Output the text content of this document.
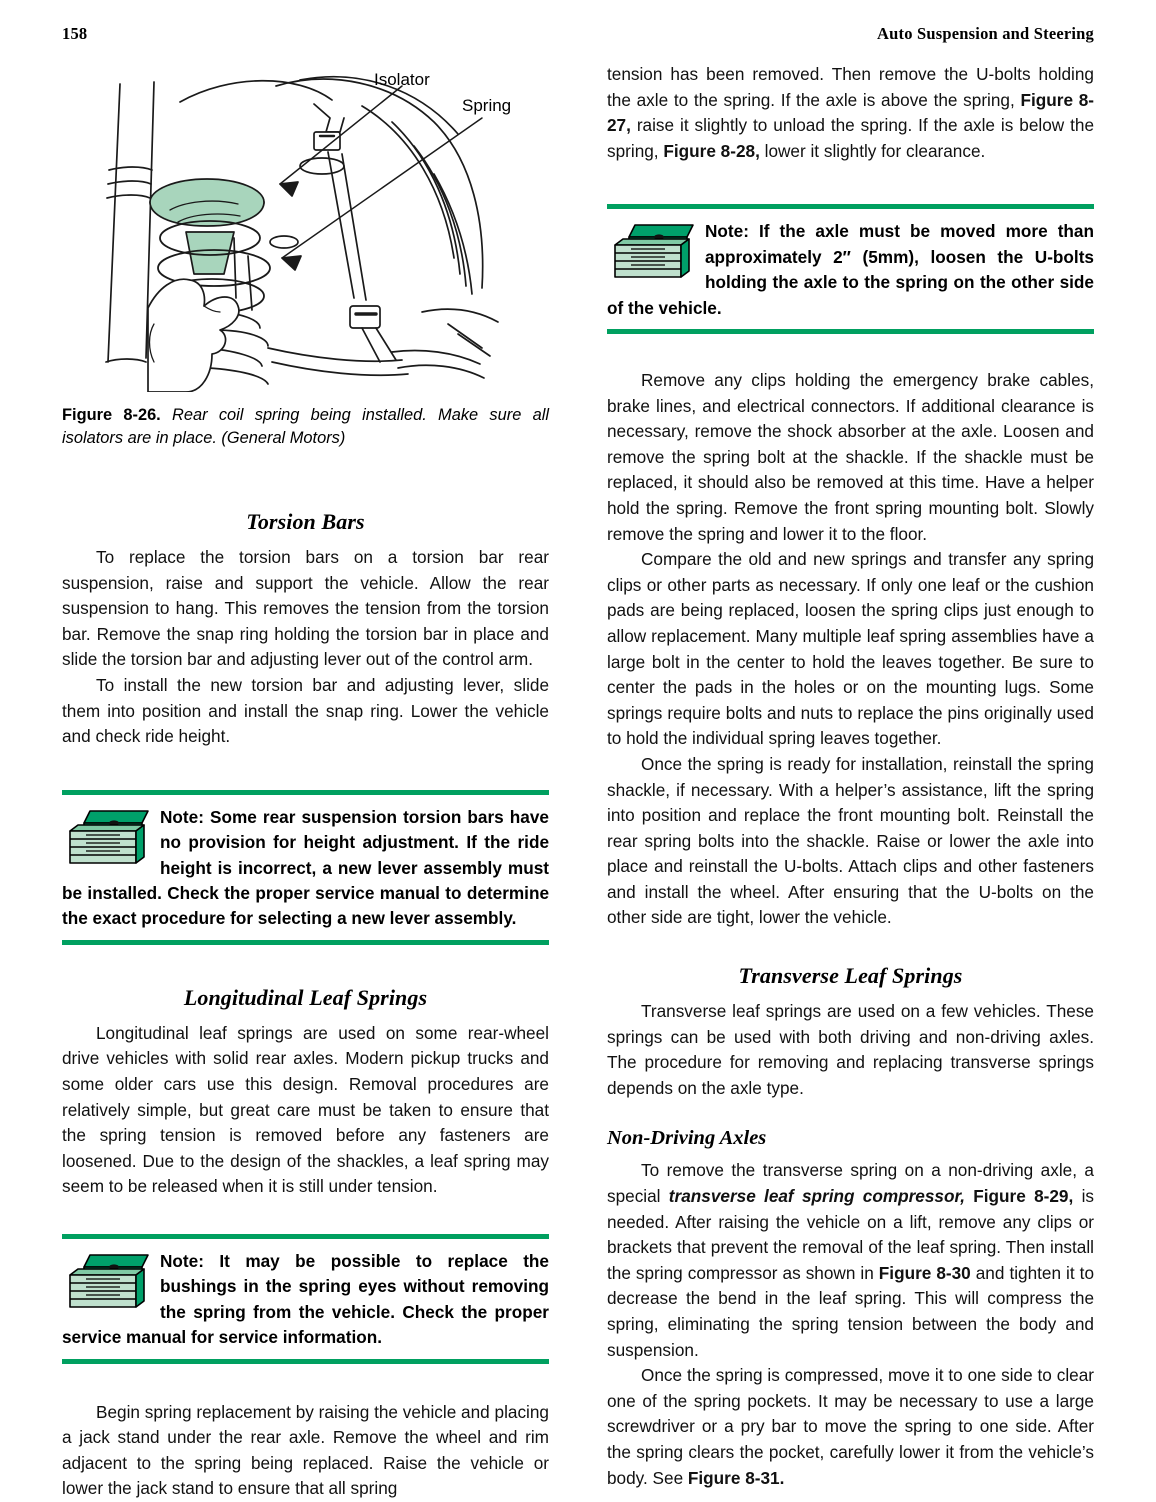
158	Auto Suspension and Steering
Isolator
Spring

Figure 8-26. Rear coil spring being installed. Make sure all isolators are in place. (General Motors)

Torsion Bars

To replace the torsion bars on a torsion bar rear suspension, raise and support the vehicle. Allow the rear suspension to hang. This removes the tension from the torsion bar. Remove the snap ring holding the torsion bar in place and slide the torsion bar and adjusting lever out of the control arm.

To install the new torsion bar and adjusting lever, slide them into position and install the snap ring. Lower the vehicle and check ride height.

Note: Some rear suspension torsion bars have no provision for height adjustment. If the ride height is incorrect, a new lever assembly must be installed. Check the proper service manual to determine the exact procedure for selecting a new lever assembly.

Longitudinal Leaf Springs

Longitudinal leaf springs are used on some rear-wheel drive vehicles with solid rear axles. Modern pickup trucks and some older cars use this design. Removal procedures are relatively simple, but great care must be taken to ensure that the spring tension is removed before any fasteners are loosened. Due to the design of the shackles, a leaf spring may seem to be released when it is still under tension.

Note: It may be possible to replace the bushings in the spring eyes without removing the spring from the vehicle. Check the proper service manual for service information.

Begin spring replacement by raising the vehicle and placing a jack stand under the rear axle. Remove the wheel and rim adjacent to the spring being replaced. Raise the vehicle or lower the jack stand to ensure that all spring

tension has been removed. Then remove the U-bolts holding the axle to the spring. If the axle is above the spring, Figure 8-27, raise it slightly to unload the spring. If the axle is below the spring, Figure 8-28, lower it slightly for clearance.

Note: If the axle must be moved more than approximately 2″ (5mm), loosen the U-bolts holding the axle to the spring on the other side of the vehicle.

Remove any clips holding the emergency brake cables, brake lines, and electrical connectors. If additional clearance is necessary, remove the shock absorber at the axle. Loosen and remove the spring bolt at the shackle. If the shackle must be replaced, it should also be removed at this time. Have a helper hold the spring. Remove the front spring mounting bolt. Slowly remove the spring and lower it to the floor.

Compare the old and new springs and transfer any spring clips or other parts as necessary. If only one leaf or the cushion pads are being replaced, loosen the spring clips just enough to allow replacement. Many multiple leaf spring assemblies have a large bolt in the center to hold the leaves together. Be sure to center the pads in the holes or on the mounting lugs. Some springs require bolts and nuts to replace the pins originally used to hold the individual spring leaves together.

Once the spring is ready for installation, reinstall the spring shackle, if necessary. With a helper’s assistance, lift the spring into position and replace the front mounting bolt. Reinstall the rear spring bolts into the shackle. Raise or lower the axle into place and reinstall the U-bolts. Attach clips and other fasteners and install the wheel. After ensuring that the U-bolts on the other side are tight, lower the vehicle.

Transverse Leaf Springs

Transverse leaf springs are used on a few vehicles. These springs can be used with both driving and non-driving axles. The procedure for removing and replacing transverse springs depends on the axle type.

Non-Driving Axles

To remove the transverse spring on a non-driving axle, a special transverse leaf spring compressor, Figure 8-29, is needed. After raising the vehicle on a lift, remove any clips or brackets that prevent the removal of the leaf spring. Then install the spring compressor as shown in Figure 8-30 and tighten it to decrease the bend in the leaf spring. This will compress the spring, eliminating the spring tension between the body and suspension.

Once the spring is compressed, move it to one side to clear one of the spring pockets. It may be necessary to use a large screwdriver or a pry bar to move the spring to one side. After the spring clears the pocket, carefully lower it from the vehicle’s body. See Figure 8-31.
